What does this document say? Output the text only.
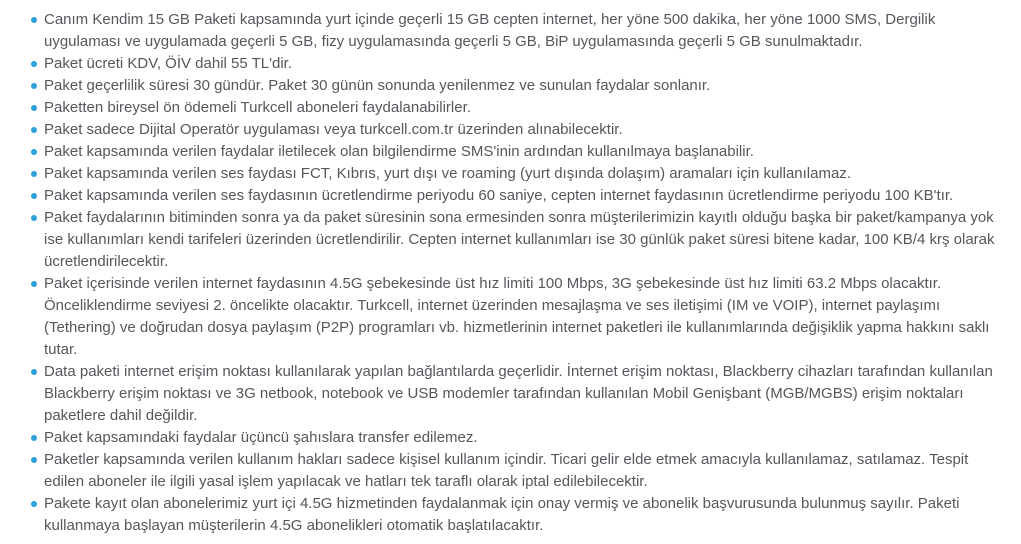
Canım Kendim 15 GB Paketi kapsamında yurt içinde geçerli 15 GB cepten internet, her yöne 500 dakika, her yöne 1000 SMS, Dergilik uygulaması ve uygulamada geçerli 5 GB, fizy uygulamasında geçerli 5 GB, BiP uygulamasında geçerli 5 GB sunulmaktadır.
Paket ücreti KDV, ÖİV dahil 55 TL'dir.
Paket geçerlilik süresi 30 gündür. Paket 30 günün sonunda yenilenmez ve sunulan faydalar sonlanır.
Paketten bireysel ön ödemeli Turkcell aboneleri faydalanabilirler.
Paket sadece Dijital Operatör uygulaması veya turkcell.com.tr üzerinden alınabilecektir.
Paket kapsamında verilen faydalar iletilecek olan bilgilendirme SMS'inin ardından kullanılmaya başlanabilir.
Paket kapsamında verilen ses faydası FCT, Kıbrıs, yurt dışı ve roaming (yurt dışında dolaşım) aramaları için kullanılamaz.
Paket kapsamında verilen ses faydasının ücretlendirme periyodu 60 saniye, cepten internet faydasının ücretlendirme periyodu 100 KB'tır.
Paket faydalarının bitiminden sonra ya da paket süresinin sona ermesinden sonra müşterilerimizin kayıtlı olduğu başka bir paket/kampanya yok ise kullanımları kendi tarifeleri üzerinden ücretlendirilir. Cepten internet kullanımları ise 30 günlük paket süresi bitene kadar, 100 KB/4 krş olarak ücretlendirilecektir.
Paket içerisinde verilen internet faydasının 4.5G şebekesinde üst hız limiti 100 Mbps, 3G şebekesinde üst hız limiti 63.2 Mbps olacaktır. Önceliklendirme seviyesi 2. öncelikte olacaktır. Turkcell, internet üzerinden mesajlaşma ve ses iletişimi (IM ve VOIP), internet paylaşımı (Tethering) ve doğrudan dosya paylaşım (P2P) programları vb. hizmetlerinin internet paketleri ile kullanımlarında değişiklik yapma hakkını saklı tutar.
Data paketi internet erişim noktası kullanılarak yapılan bağlantılarda geçerlidir. İnternet erişim noktası, Blackberry cihazları tarafından kullanılan Blackberry erişim noktası ve 3G netbook, notebook ve USB modemler tarafından kullanılan Mobil Genişbant (MGB/MGBS) erişim noktaları paketlere dahil değildir.
Paket kapsamındaki faydalar üçüncü şahıslara transfer edilemez.
Paketler kapsamında verilen kullanım hakları sadece kişisel kullanım içindir. Ticari gelir elde etmek amacıyla kullanılamaz, satılamaz. Tespit edilen aboneler ile ilgili yasal işlem yapılacak ve hatları tek taraflı olarak iptal edilebilecektir.
Pakete kayıt olan abonelerimiz yurt içi 4.5G hizmetinden faydalanmak için onay vermiş ve abonelik başvurusunda bulunmuş sayılır. Paketi kullanmaya başlayan müşterilerin 4.5G abonelikleri otomatik başlatılacaktır.
